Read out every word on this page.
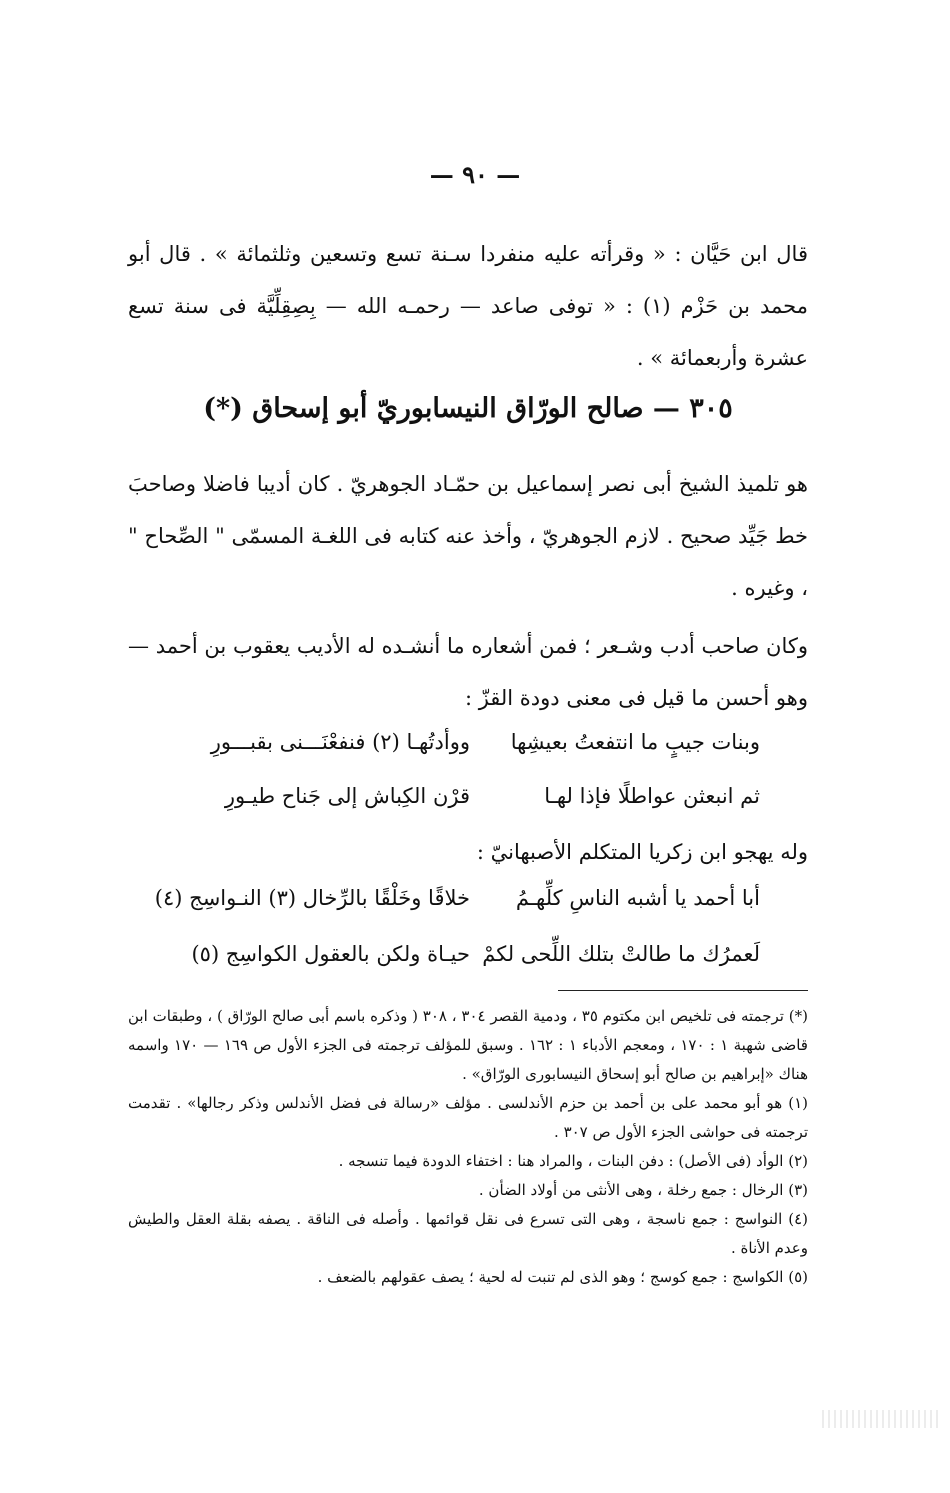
— ٩٠ —

قال ابن حَيَّان : « وقرأته عليه منفردا سـنة تسع وتسعين وثلثمائة » . قال أبو محمد بن حَزْم (١) : « توفى صاعد — رحمـه الله — بِصِقِلِّيَّة فى سنة تسع عشرة وأربعمائة » .

٣٠٥ — صالح الورّاق النيسابوريّ أبو إسحاق (*)

هو تلميذ الشيخ أبى نصر إسماعيل بن حمّـاد الجوهريّ . كان أديبا فاضلا وصاحبَ خط جَيِّد صحيح . لازم الجوهريّ ، وأخذ عنه كتابه فى اللغـة المسمّى " الصِّحاح " ، وغيره .

وكان صاحب أدب وشـعر ؛ فمن أشعاره ما أنشـده له الأديب يعقوب بن أحمد — وهو أحسن ما قيل فى معنى دودة القزّ :

وبنات جيبٍ ما انتفعتُ بعيشِها
ووأدتُهـا (٢) فنفعْنَـــنى بقبـــورِ
ثم انبعثن عواطلًا فإذا لهـا
قرْن الكِباش إلى جَناح طيـورِ
وله يهجو ابن زكريا المتكلم الأصبهانيّ :
أبا أحمد يا أشبه الناسِ كلِّهـمُ
خلاقًا وخَلْقًا بالرِّخال (٣) النـواسِج (٤)
لَعمرُك ما طالتْ بتلك اللِّحى لكمْ
حيـاة ولكن بالعقول الكواسِج (٥)

(*) ترجمته فى تلخيص ابن مكتوم ٣٥ ، ودمية القصر ٣٠٤ ، ٣٠٨ ( وذكره باسم أبى صالح الورّاق ) ، وطبقات ابن قاضى شهبة ١ : ١٧٠ ، ومعجم الأدباء ١ : ١٦٢ . وسبق للمؤلف ترجمته فى الجزء الأول ص ١٦٩ — ١٧٠ واسمه هناك «إبراهيم بن صالح أبو إسحاق النيسابورى الورّاق» .

(١) هو أبو محمد على بن أحمد بن حزم الأندلسى . مؤلف «رسالة فى فضل الأندلس وذكر رجالها» . تقدمت ترجمته فى حواشى الجزء الأول ص ٣٠٧ .

(٢) الوأد (فى الأصل) : دفن البنات ، والمراد هنا : اختفاء الدودة فيما تنسجه .

(٣) الرخال : جمع رخلة ، وهى الأنثى من أولاد الضأن .

(٤) النواسج : جمع ناسجة ، وهى التى تسرع فى نقل قوائمها . وأصله فى الناقة . يصفه بقلة العقل والطيش وعدم الأناة .

(٥) الكواسج : جمع كوسج ؛ وهو الذى لم تنبت له لحية ؛ يصف عقولهم بالضعف .
